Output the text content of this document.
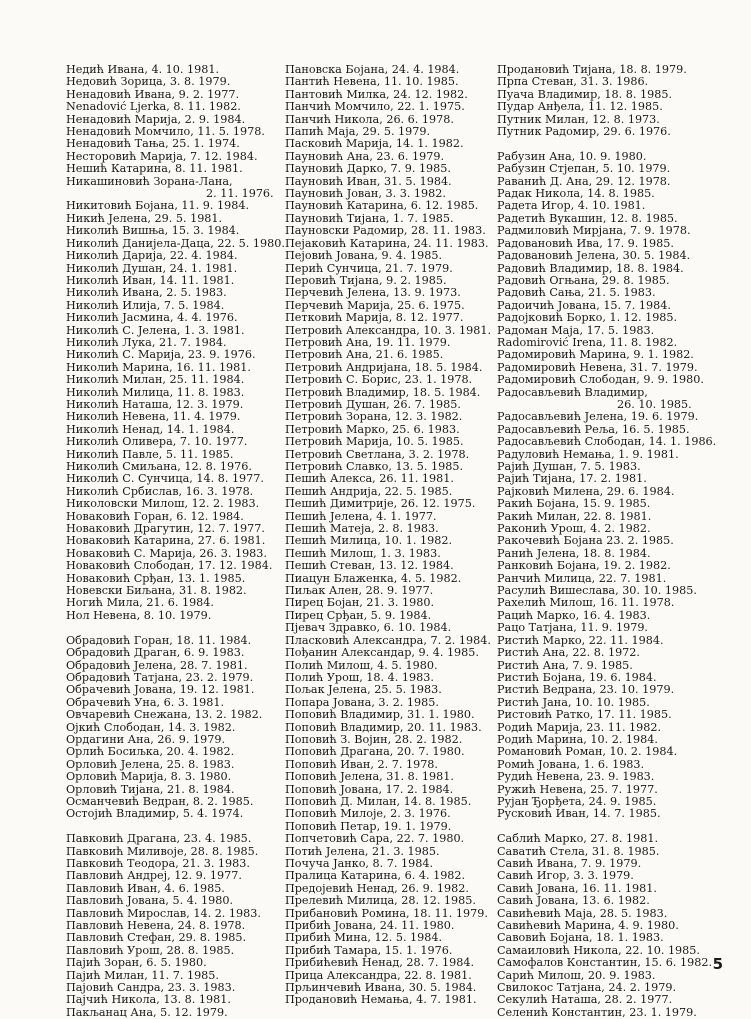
Недић Ивана, 4. 10. 1981.
Недовић Зорица, 3. 8. 1979.
Ненадовић Ивана, 9. 2. 1977.
Nenadović Ljerka, 8. 11. 1982.
Ненадовић Марија, 2. 9. 1984.
Ненадовић Момчило, 11. 5. 1978.
Ненадовић Тања, 25. 1. 1974.
Несторовић Марија, 7. 12. 1984.
Нешић Катарина, 8. 11. 1981.
Никашиновић Зорана-Лана,
2. 11. 1976.
Никитовић Бојана, 11. 9. 1984.
Никић Јелена, 29. 5. 1981.
Николић Вишња, 15. 3. 1984.
Николић Данијела-Даца, 22. 5. 1980.
Николић Дарија, 22. 4. 1984.
Николић Душан, 24. 1. 1981.
Николић Иван, 14. 11. 1981.
Николић Ивана, 2. 5. 1983.
Николић Илија, 7. 5. 1984.
Николић Јасмина, 4. 4. 1976.
Николић С. Јелена, 1. 3. 1981.
Николић Лука, 21. 7. 1984.
Николић С. Марија, 23. 9. 1976.
Николић Марина, 16. 11. 1981.
Николић Милан, 25. 11. 1984.
Николић Милица, 11. 8. 1983.
Николић Наташа, 12. 3. 1979.
Николић Невена, 11. 4. 1979.
Николић Ненад, 14. 1. 1984.
Николић Оливера, 7. 10. 1977.
Николић Павле, 5. 11. 1985.
Николић Смиљана, 12. 8. 1976.
Николић С. Сунчица, 14. 8. 1977.
Николић Србислав, 16. 3. 1978.
Николовски Милош, 12. 2. 1983.
Новаковић Горан, 6. 12. 1984.
Новаковић Драгутин, 12. 7. 1977.
Новаковић Катарина, 27. 6. 1981.
Новаковић С. Марија, 26. 3. 1983.
Новаковић Слободан, 17. 12. 1984.
Новаковић Срђан, 13. 1. 1985.
Новевски Биљана, 31. 8. 1982.
Ногић Мила, 21. 6. 1984.
Нол Невена, 8. 10. 1979.
Обрадовић Горан, 18. 11. 1984.
Обрадовић Драган, 6. 9. 1983.
Обрадовић Јелена, 28. 7. 1981.
Обрадовић Татјана, 23. 2. 1979.
Обрачевић Јована, 19. 12. 1981.
Обрачевић Уна, 6. 3. 1981.
Овчаревић Снежана, 13. 2. 1982.
Ојкић Слободан, 14. 3. 1982.
Ордагини Ана, 26. 9. 1979.
Орлић Босиљка, 20. 4. 1982.
Орловић Јелена, 25. 8. 1983.
Орловић Марија, 8. 3. 1980.
Орловић Тијана, 21. 8. 1984.
Османчевић Ведран, 8. 2. 1985.
Остојић Владимир, 5. 4. 1974.
Павковић Драгана, 23. 4. 1985.
Павковић Миливоје, 28. 8. 1985.
Павковић Теодора, 21. 3. 1983.
Павловић Андреј, 12. 9. 1977.
Павловић Иван, 4. 6. 1985.
Павловић Јована, 5. 4. 1980.
Павловић Мирослав, 14. 2. 1983.
Павловић Невена, 24. 8. 1978.
Павловић Стефан, 29. 8. 1985.
Павловић Урош, 28. 8. 1985.
Пајић Зоран, 6. 5. 1980.
Пајић Милан, 11. 7. 1985.
Пајовић Сандра, 23. 3. 1983.
Пајчић Никола, 13. 8. 1981.
Пакљанац Ана, 5. 12. 1979.
Пановска Бојана, 24. 4. 1984.
Пантић Невена, 11. 10. 1985.
Пантовић Милка, 24. 12. 1982.
Панчић Момчило, 22. 1. 1975.
Панчић Никола, 26. 6. 1978.
Папић Маја, 29. 5. 1979.
Пасковић Марија, 14. 1. 1982.
Пауновић Ана, 23. 6. 1979.
Пауновић Дарко, 7. 9. 1985.
Пауновић Иван, 31. 5. 1984.
Пауновић Јован, 3. 3. 1982.
Пауновић Катарина, 6. 12. 1985.
Пауновић Тијана, 1. 7. 1985.
Пауновски Радомир, 28. 11. 1983.
Пејаковић Катарина, 24. 11. 1983.
Пејовић Јована, 9. 4. 1985.
Перић Сунчица, 21. 7. 1979.
Перовић Тијана, 9. 2. 1985.
Перчевић Јелена, 13. 9. 1973.
Перчевић Марија, 25. 6. 1975.
Петковић Марија, 8. 12. 1977.
Петровић Александра, 10. 3. 1981.
Петровић Ана, 19. 11. 1979.
Петровић Ана, 21. 6. 1985.
Петровић Андријана, 18. 5. 1984.
Петровић С. Борис, 23. 1. 1978.
Петровић Владимир, 18. 5. 1984.
Петровић Душан, 26. 7. 1985.
Петровић Зорана, 12. 3. 1982.
Петровић Марко, 25. 6. 1983.
Петровић Марија, 10. 5. 1985.
Петровић Светлана, 3. 2. 1978.
Петровић Славко, 13. 5. 1985.
Пешић Алекса, 26. 11. 1981.
Пешић Андрија, 22. 5. 1985.
Пешић Димитрије, 26. 12. 1975.
Пешић Јелена, 4. 1. 1977.
Пешић Матеја, 2. 8. 1983.
Пешић Милица, 10. 1. 1982.
Пешић Милош, 1. 3. 1983.
Пешић Стеван, 13. 12. 1984.
Пиацун Блаженка, 4. 5. 1982.
Пиљак Ален, 28. 9. 1977.
Пирец Бојан, 21. 3. 1980.
Пирец Срђан, 5. 9. 1984.
Пјевач Здравко, 6. 10. 1984.
Пласковић Александра, 7. 2. 1984.
Пођанин Александар, 9. 4. 1985.
Полић Милош, 4. 5. 1980.
Полић Урош, 18. 4. 1983.
Пољак Јелена, 25. 5. 1983.
Попара Јована, 3. 2. 1985.
Поповић Владимир, 31. 1. 1980.
Поповић Владимир, 20. 11. 1983.
Поповић З. Војин, 28. 2. 1982.
Поповић Драгана, 20. 7. 1980.
Поповић Иван, 2. 7. 1978.
Поповић Јелена, 31. 8. 1981.
Поповић Јована, 17. 2. 1984.
Поповић Д. Милан, 14. 8. 1985.
Поповић Милоје, 2. 3. 1976.
Поповић Петар, 19. 1. 1979.
Попчетовић Сара, 22. 7. 1980.
Потић Јелена, 21. 3. 1985.
Почуча Јанко, 8. 7. 1984.
Пралица Катарина, 6. 4. 1982.
Предојевић Ненад, 26. 9. 1982.
Прелевић Милица, 28. 12. 1985.
Прибановић Ромина, 18. 11. 1979.
Прибић Јована, 24. 11. 1980.
Прибић Мина, 12. 5. 1984.
Прибић Тамара, 15. 1. 1976.
Прибићевић Ненад, 28. 7. 1984.
Прица Александра, 22. 8. 1981.
Прљинчевић Ивана, 30. 5. 1984.
Продановић Немања, 4. 7. 1981.
Продановић Тијана, 18. 8. 1979.
Прпа Стеван, 31. 3. 1986.
Пуача Владимир, 18. 8. 1985.
Пудар Анђела, 11. 12. 1985.
Путник Милан, 12. 8. 1973.
Путник Радомир, 29. 6. 1976.
Рабузин Ана, 10. 9. 1980.
Рабузин Стјепан, 5. 10. 1979.
Раванић Д. Ана, 29. 12. 1978.
Радак Никола, 14. 8. 1985.
Радета Игор, 4. 10. 1981.
Радетић Вукашин, 12. 8. 1985.
Радмиловић Мирјана, 7. 9. 1978.
Радовановић Ива, 17. 9. 1985.
Радовановић Јелена, 30. 5. 1984.
Радовић Владимир, 18. 8. 1984.
Радовић Огњана, 29. 8. 1985.
Радовић Сања, 21. 5. 1983.
Радоичић Јована, 15. 7. 1984.
Радојковић Борко, 1. 12. 1985.
Радоман Маја, 17. 5. 1983.
Radomirović Irena, 11. 8. 1982.
Радомировић Марина, 9. 1. 1982.
Радомировић Невена, 31. 7. 1979.
Радомировић Слободан, 9. 9. 1980.
Радосављевић Владимир,
26. 10. 1985.
Радосављевић Јелена, 19. 6. 1979.
Радосављевић Реља, 16. 5. 1985.
Радосављевић Слободан, 14. 1. 1986.
Радуловић Немања, 1. 9. 1981.
Рајић Душан, 7. 5. 1983.
Рајић Тијана, 17. 2. 1981.
Рајковић Милена, 29. 6. 1984.
Ракић Бојана, 15. 9. 1985.
Ракић Милан, 22. 8. 1981.
Раконић Урош, 4. 2. 1982.
Ракочевић Бојана 23. 2. 1985.
Ранић Јелена, 18. 8. 1984.
Ранковић Бојана, 19. 2. 1982.
Ранчић Милица, 22. 7. 1981.
Расулић Вишеслава, 30. 10. 1985.
Рахелић Милош, 16. 11. 1978.
Рацић Марко, 16. 4. 1983.
Рацо Татјана, 11. 9. 1979.
Ристић Марко, 22. 11. 1984.
Ристић Ана, 22. 8. 1972.
Ристић Ана, 7. 9. 1985.
Ристић Бојана, 19. 6. 1984.
Ристић Ведрана, 23. 10. 1979.
Ристић Јана, 10. 10. 1985.
Ристовић Ратко, 17. 11. 1985.
Родић Марија, 23. 11. 1982.
Родић Марина, 10. 2. 1984.
Романовић Роман, 10. 2. 1984.
Ромић Јована, 1. 6. 1983.
Рудић Невена, 23. 9. 1983.
Ружић Невена, 25. 7. 1977.
Рујан Ђорђета, 24. 9. 1985.
Русковић Иван, 14. 7. 1985.
Саблић Марко, 27. 8. 1981.
Саватић Стела, 31. 8. 1985.
Савић Ивана, 7. 9. 1979.
Савић Игор, 3. 3. 1979.
Савић Јована, 16. 11. 1981.
Савић Јована, 13. 6. 1982.
Савићевић Маја, 28. 5. 1983.
Савићевић Марина, 4. 9. 1980.
Савовић Бојана, 18. 1. 1983.
Самаиловић Никола, 22. 10. 1985.
Самофалов Константин, 15. 6. 1982.
Сарић Милош, 20. 9. 1983.
Свилокос Татјана, 24. 2. 1979.
Секулић Наташа, 28. 2. 1977.
Селенић Константин, 23. 1. 1979.
5
